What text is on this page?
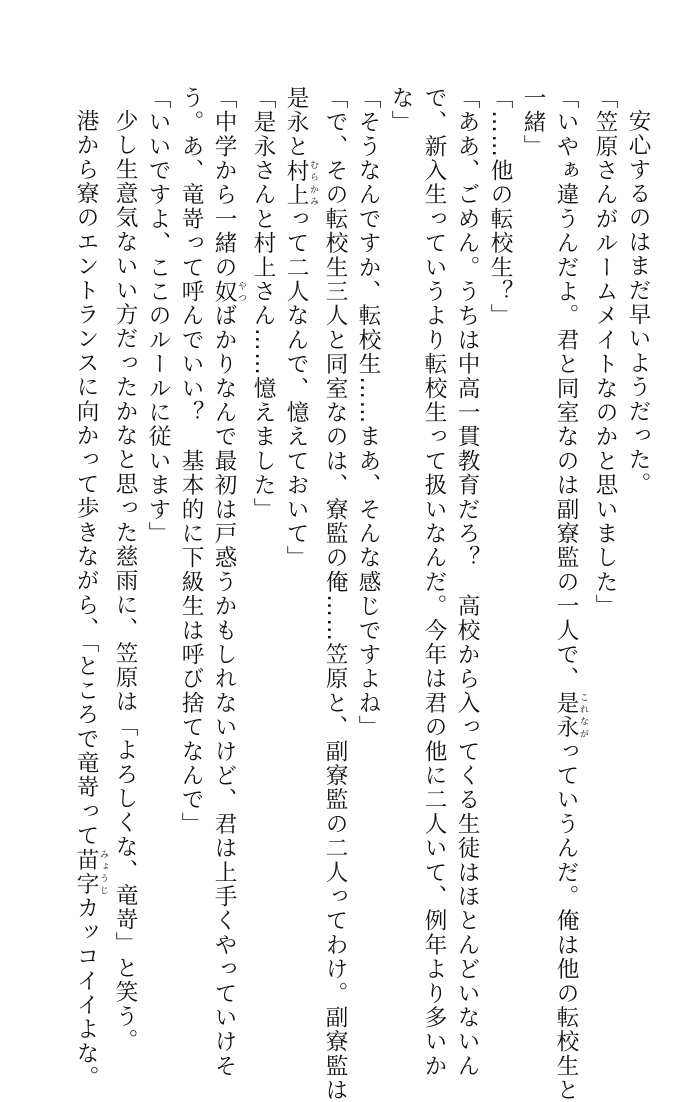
安心するのはまだ早いようだった。
「笠原さんがルームメイトなのかと思いました」
「いやぁ違うんだよ。君と同室なのは副寮監の一人で、是永 これながっていうんだ。俺は他の転校生と
一緒」
「……他の転校生？」
「ああ、ごめん。うちは中高一貫教育だろ？　高校から入ってくる生徒はほとんどいないん
で、新入生っていうより転校生って扱いなんだ。今年は君の他に二人いて、例年より多いか
な」
「そうなんですか、転校生……まあ、そんな感じですよね」
「で、その転校生三人と同室なのは、寮監の俺……笠原と、副寮監の二人ってわけ。副寮監は
是永と村上 むらかみって二人なんで、憶えておいて」
「是永さんと村上さん……憶えました」
「中学から一緒の奴 やつばかりなんで最初は戸惑うかもしれないけど、君は上手くやっていけそ
う。あ、竜嵜って呼んでいい？　基本的に下級生は呼び捨てなんで」
「いいですよ、ここのルールに従います」
少し生意気ないい方だったかなと思った慈雨に、笠原は「よろしくな、竜嵜」と笑う。
港から寮のエントランスに向かって歩きながら、「ところで竜嵜って苗字 みょうじカッコイイよな。
